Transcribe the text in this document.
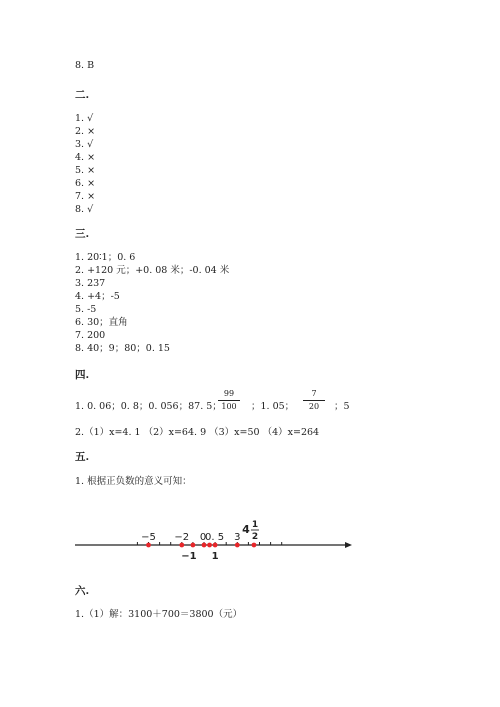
8. B
二.
1. √
2. ×
3. √
4. ×
5. ×
6. ×
7. ×
8. √
三.
1. 20∶1；0. 6
2. +120 元；+0. 08 米；-0. 04 米
3. 237
4. +4；-5
5. -5
6. 30；直角
7. 200
8. 40；9；80；0. 15
四.
1. 0. 06；0. 8；0. 056；87. 5；
99
100	；1. 05；
7
20	；5
2.（1）x=4. 1 （2）x=64. 9 （3）x=50 （4）x=264
五.
1. 根据正负数的意义可知：
−5 −2 0
0. 5 3
−1 1
4 1
2
六.
1.（1）解：3100＋700＝3800（元）
